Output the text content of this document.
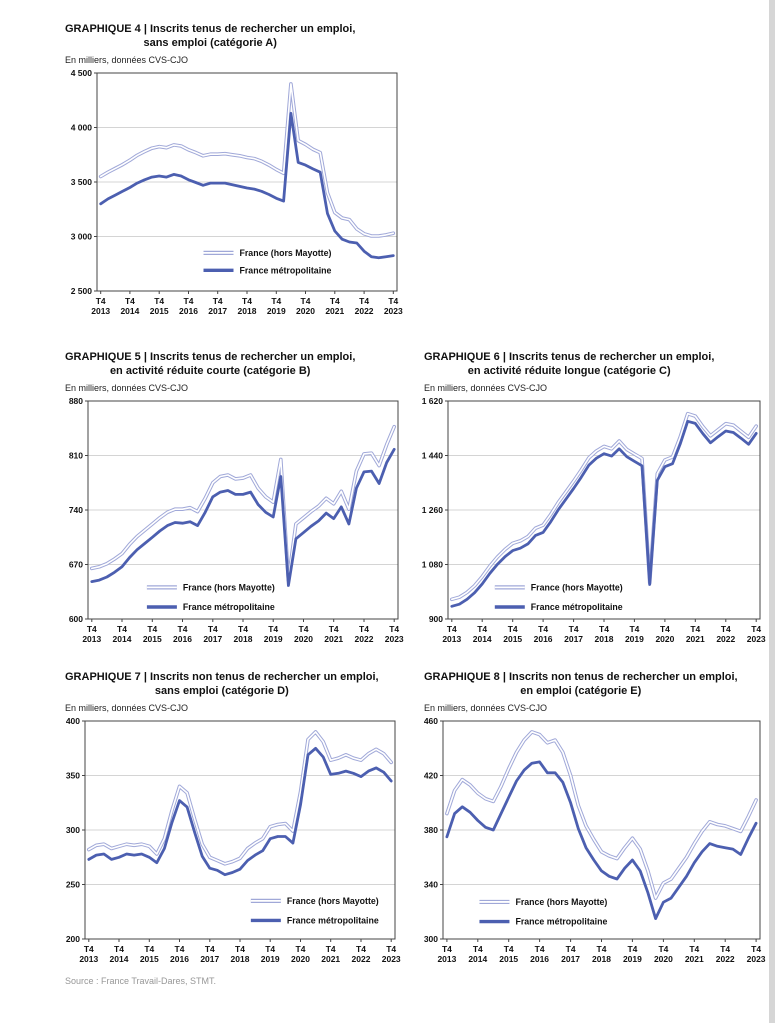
GRAPHIQUE 4 | Inscrits tenus de rechercher un emploi,
sans emploi (catégorie A)
En milliers, données CVS-CJO
2 500
3 000
3 500
4 000
4 500
T4
2013
T4
2014
T4
2015
T4
2016
T4
2017
T4
2018
T4
2019
T4
2020
T4
2021
T4
2022
T4
2023
France (hors Mayotte)
France métropolitaine
GRAPHIQUE 5 | Inscrits tenus de rechercher un emploi,
en activité réduite courte (catégorie B)
En milliers, données CVS-CJO
600
670
740
810
880
T4
2013
T4
2014
T4
2015
T4
2016
T4
2017
T4
2018
T4
2019
T4
2020
T4
2021
T4
2022
T4
2023
France (hors Mayotte)
France métropolitaine
GRAPHIQUE 6 | Inscrits tenus de rechercher un emploi,
en activité réduite longue (catégorie C)
En milliers, données CVS-CJO
900
1 080
1 260
1 440
1 620
T4
2013
T4
2014
T4
2015
T4
2016
T4
2017
T4
2018
T4
2019
T4
2020
T4
2021
T4
2022
T4
2023
France (hors Mayotte)
France métropolitaine
GRAPHIQUE 7 | Inscrits non tenus de rechercher un emploi,
sans emploi (catégorie D)
En milliers, données CVS-CJO
200
250
300
350
400
T4
2013
T4
2014
T4
2015
T4
2016
T4
2017
T4
2018
T4
2019
T4
2020
T4
2021
T4
2022
T4
2023
France (hors Mayotte)
France métropolitaine
GRAPHIQUE 8 | Inscrits non tenus de rechercher un emploi,
en emploi (catégorie E)
En milliers, données CVS-CJO
300
340
380
420
460
T4
2013
T4
2014
T4
2015
T4
2016
T4
2017
T4
2018
T4
2019
T4
2020
T4
2021
T4
2022
T4
2023
France (hors Mayotte)
France métropolitaine
Source : France Travail-Dares, STMT.
